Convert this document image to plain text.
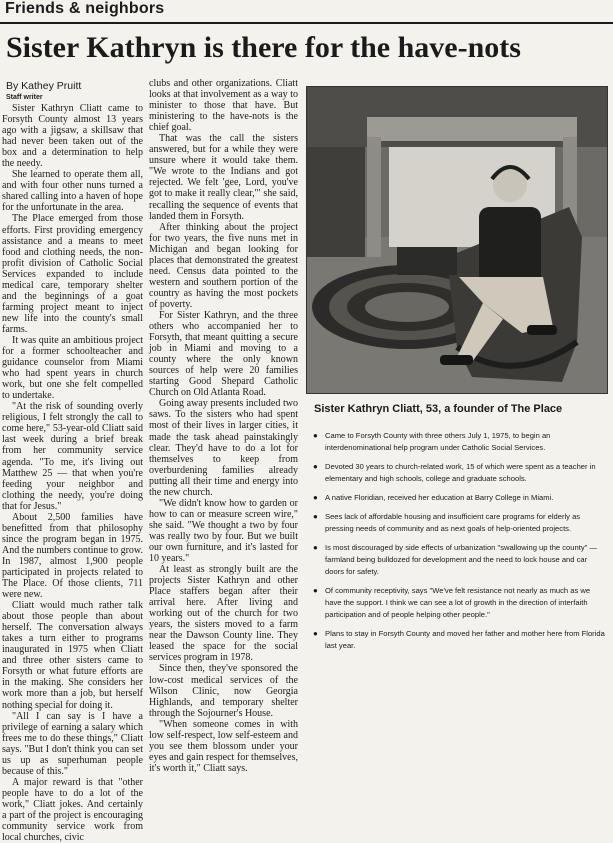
Friends & neighbors
Sister Kathryn is there for the have-nots
By Kathey Pruitt
Staff writer

Sister Kathryn Cliatt came to Forsyth County almost 13 years ago with a jigsaw, a skillsaw that had never been taken out of the box and a determination to help the needy.

She learned to operate them all, and with four other nuns turned a shared calling into a haven of hope for the unfortunate in the area.

The Place emerged from those efforts. First providing emergency assistance and a means to meet food and clothing needs, the non-profit division of Catholic Social Services expanded to include medical care, temporary shelter and the beginnings of a goat farming project meant to inject new life into the county's small farms.

It was quite an ambitious project for a former schoolteacher and guidance counselor from Miami who had spent years in church work, but one she felt compelled to undertake.

"At the risk of sounding overly religious, I felt strongly the call to come here," 53-year-old Cliatt said last week during a brief break from her community service agenda. "To me, it's living out Matthew 25 — that when you're feeding your neighbor and clothing the needy, you're doing that for Jesus."

About 2,500 families have benefitted from that philosophy since the program began in 1975. And the numbers continue to grow. In 1987, almost 1,900 people participated in projects related to The Place. Of those clients, 711 were new.

Cliatt would much rather talk about those people than about herself. The conversation always takes a turn either to programs inaugurated in 1975 when Cliatt and three other sisters came to Forsyth or what future efforts are in the making. She considers her work more than a job, but herself nothing special for doing it.

"All I can say is I have a privilege of earning a salary which frees me to do these things," Cliatt says. "But I don't think you can set us up as superhuman people because of this."

A major reward is that "other people have to do a lot of the work," Cliatt jokes. And certainly a part of the project is encouraging community service work from local churches, civic

clubs and other organizations. Cliatt looks at that involvement as a way to minister to those that have. But ministering to the have-nots is the chief goal.

That was the call the sisters answered, but for a while they were unsure where it would take them. "We wrote to the Indians and got rejected. We felt 'gee, Lord, you've got to make it really clear,'" she said, recalling the sequence of events that landed them in Forsyth.

After thinking about the project for two years, the five nuns met in Michigan and began looking for places that demonstrated the greatest need. Census data pointed to the western and southern portion of the country as having the most pockets of poverty.

For Sister Kathryn, and the three others who accompanied her to Forsyth, that meant quitting a secure job in Miami and moving to a county where the only known sources of help were 20 families starting Good Shepard Catholic Church on Old Atlanta Road.

Going away presents included two saws. To the sisters who had spent most of their lives in larger cities, it made the task ahead painstakingly clear. They'd have to do a lot for themselves to keep from overburdening families already putting all their time and energy into the new church.

"We didn't know how to garden or how to can or measure screen wire," she said. "We thought a two by four was really two by four. But we built our own furniture, and it's lasted for 10 years."

At least as strongly built are the projects Sister Kathryn and other Place staffers began after their arrival here. After living and working out of the church for two years, the sisters moved to a farm near the Dawson County line. They leased the space for the social services program in 1978.

Since then, they've sponsored the low-cost medical services of the Wilson Clinic, now Georgia Highlands, and temporary shelter through the Sojourner's House.

"When someone comes in with low self-respect, low self-esteem and you see them blossom under your eyes and gain respect for themselves, it's worth it," Cliatt says.

Sister Kathryn Cliatt, 53, a founder of The Place
● Came to Forsyth County with three others July 1, 1975, to begin an interdenominational help program under Catholic Social Services.
● Devoted 30 years to church-related work, 15 of which were spent as a teacher in elementary and high schools, college and graduate schools.
● A native Floridian, received her education at Barry College in Miami.
● Sees lack of affordable housing and insufficient care programs for elderly as pressing needs of community and as next goals of help-oriented projects.
● Is most discouraged by side effects of urbanization "swallowing up the county" — farmland being bulldozed for development and the need to lock house and car doors for safety.
● Of community receptivity, says "We've felt resistance not nearly as much as we have the support. I think we can see a lot of growth in the direction of interfaith participation and of people helping other people."
● Plans to stay in Forsyth County and moved her father and mother here from Florida last year.
